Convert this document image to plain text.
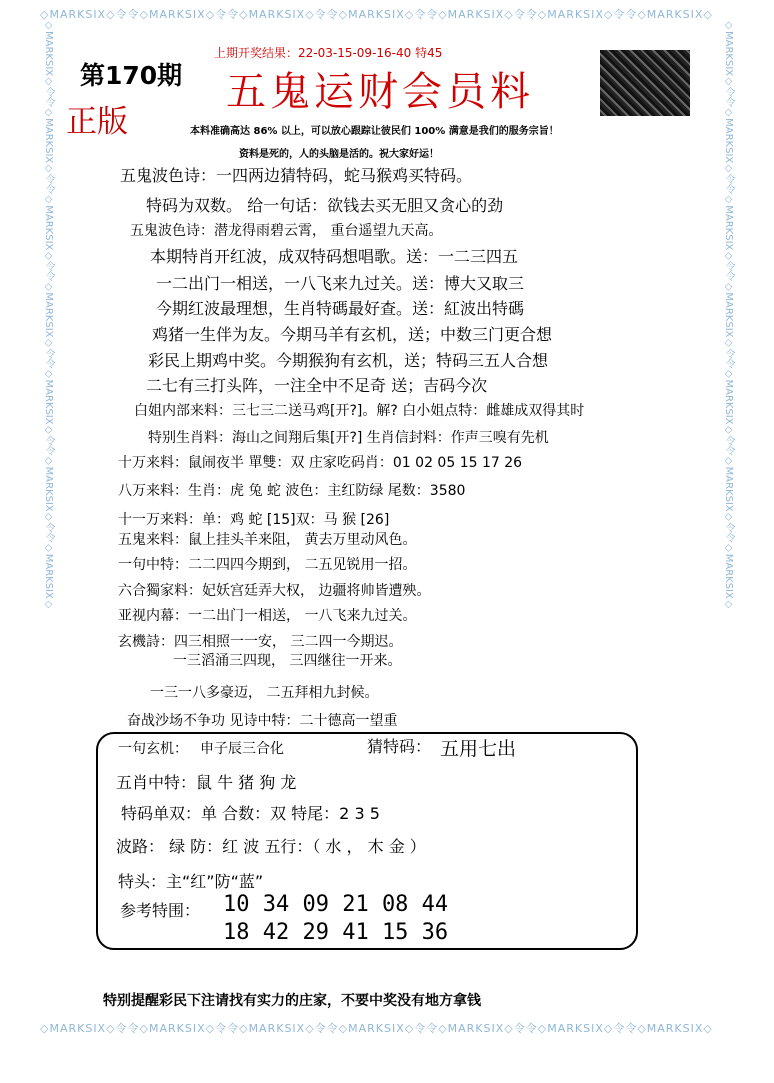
◇MARKSIX◇令令◇MARKSIX◇令令◇MARKSIX◇令令◇MARKSIX◇令令◇MARKSIX◇令令◇MARKSIX◇令令◇MARKSIX◇
◇MARKSIX◇令令◇MARKSIX◇令令◇MARKSIX◇令令◇MARKSIX◇令令◇MARKSIX◇令令◇MARKSIX◇令令◇MARKSIX◇
◇MARKSIX◇令令◇MARKSIX◇令令◇MARKSIX◇令令◇MARKSIX◇令令◇MARKSIX◇令令◇MARKSIX◇令令◇MARKSIX◇	◇MARKSIX◇令令◇MARKSIX◇令令◇MARKSIX◇令令◇MARKSIX◇令令◇MARKSIX◇令令◇MARKSIX◇令令◇MARKSIX◇
第170期
正版
上期开奖结果：22-03-15-09-16-40 特45
五鬼运财会员料
本料准确高达 86% 以上，可以放心跟踪让彼民们 100% 满意是我们的服务宗旨！
资料是死的，人的头脑是活的。祝大家好运！
五鬼波色诗：一四两边猜特码，蛇马猴鸡买特码。
特码为双数。 给一句话：欲钱去买无胆又贪心的劲
五鬼波色诗：潜龙得雨碧云霄， 重台遥望九天高。
本期特肖开红波，成双特码想唱歌。送：一二三四五
一二出门一相送，一八飞来九过关。送：博大又取三
今期红波最理想，生肖特碼最好查。送：紅波出特碼
鸡猪一生伴为友。今期马羊有玄机，送；中数三门更合想
彩民上期鸡中奖。今期猴狗有玄机，送；特码三五人合想
二七有三打头阵，一注全中不足奇 送；吉码今次
白姐内部来料：三七三二送马鸡[开?]。解? 白小姐点特：雌雄成双得其时
特别生肖料：海山之间翔后集[开?] 生肖信封料：作声三嗅有先机
十万来料：鼠闹夜半 單雙：双 庄家吃码肖：01 02 05 15 17 26
八万来料：生肖：虎 兔 蛇 波色：主红防绿 尾数：3580
十一万来料：单：鸡 蛇 [15]双：马 猴 [26]
五鬼来料：鼠上挂头羊来阻， 黄去万里动风色。
一句中特：二二四四今期到， 二五见锐用一招。
六合獨家料：妃妖宫廷弄大权， 边疆将帅皆遭殃。
亚视内幕：一二出门一相送， 一八飞来九过关。
玄機詩：四三相照一一安， 三二四一今期迟。
一三滔涌三四现， 三四继往一开来。
一三一八多豪迈， 二五拜相九封候。
奋战沙场不争功 见诗中特：二十德高一望重
一句玄机： 申子辰三合化	猜特码： 五用七出
五肖中特：鼠 牛 猪 狗 龙
特码单双：单 合数：双 特尾：2 3 5
波路： 绿 防：红 波 五行：（ 水 ， 木 金 ）
特头：主“红”防“蓝”
参考特围： 10 34 09 21 08 44
18 42 29 41 15 36
特别提醒彩民下注请找有实力的庄家，不要中奖没有地方拿钱
